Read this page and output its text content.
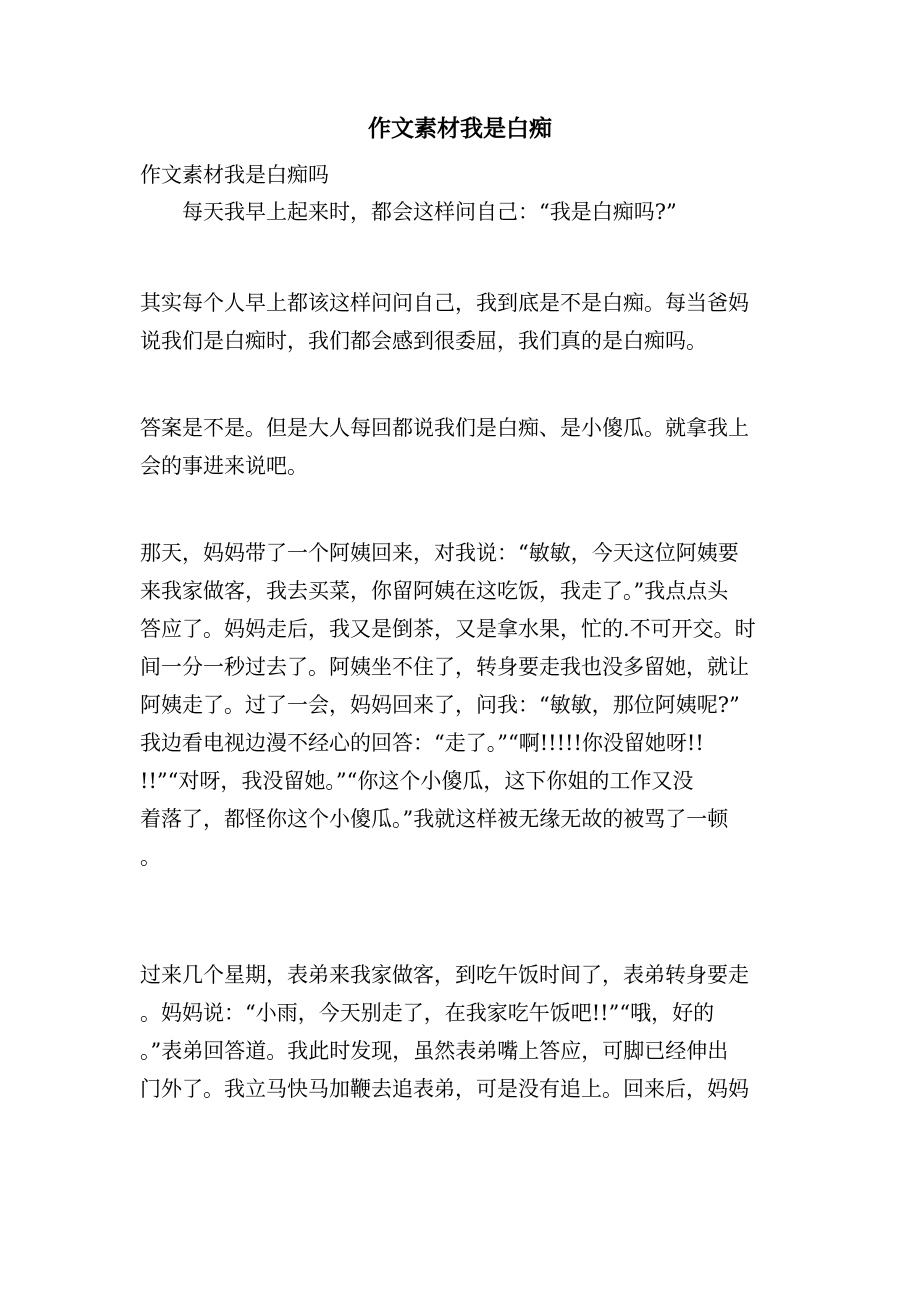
作文素材我是白痴
作文素材我是白痴吗
每天我早上起来时，都会这样问自己：“我是白痴吗?”

其实每个人早上都该这样问问自己，我到底是不是白痴。每当爸妈

说我们是白痴时，我们都会感到很委屈，我们真的是白痴吗。

答案是不是。但是大人每回都说我们是白痴、是小傻瓜。就拿我上

会的事进来说吧。

那天，妈妈带了一个阿姨回来，对我说：“敏敏，今天这位阿姨要

来我家做客，我去买菜，你留阿姨在这吃饭，我走了。”我点点头

答应了。妈妈走后，我又是倒茶，又是拿水果，忙的.不可开交。时

间一分一秒过去了。阿姨坐不住了，转身要走我也没多留她，就让

阿姨走了。过了一会，妈妈回来了，问我：“敏敏，那位阿姨呢?”

我边看电视边漫不经心的回答：“走了。”“啊!!!!!你没留她呀!!

!!”“对呀，我没留她。”“你这个小傻瓜，这下你姐的工作又没

着落了，都怪你这个小傻瓜。”我就这样被无缘无故的被骂了一顿

。

过来几个星期，表弟来我家做客，到吃午饭时间了，表弟转身要走

。妈妈说：“小雨，今天别走了，在我家吃午饭吧!!”“哦，好的

。”表弟回答道。我此时发现，虽然表弟嘴上答应，可脚已经伸出

门外了。我立马快马加鞭去追表弟，可是没有追上。回来后，妈妈
